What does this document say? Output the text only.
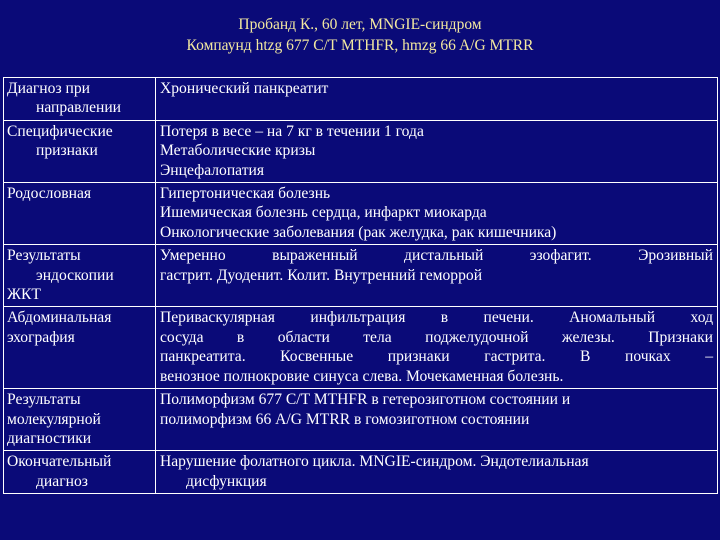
Пробанд К., 60 лет, MNGIE-синдром
Компаунд htzg 677 C/T MTHFR, hmzg 66 A/G MTRR
Диагноз при
направлении	Хронический панкреатит

Специфические
признаки	Потеря в весе – на 7 кг в течении 1 года
Метаболические кризы
Энцефалопатия

Родословная	Гипертоническая болезнь
Ишемическая болезнь сердца, инфаркт миокарда
Онкологические заболевания (рак желудка, рак кишечника)

Результаты
эндоскопии
ЖКТ	Умеренно выраженный дистальный эзофагит. Эрозивный
гастрит. Дуоденит. Колит. Внутренний геморрой

Абдоминальная
эхография	Периваскулярная инфильтрация в печени. Аномальный ход
сосуда в области тела поджелудочной железы. Признаки
панкреатита. Косвенные признаки гастрита. В почках –
венозное полнокровие синуса слева. Мочекаменная болезнь.

Результаты
молекулярной
диагностики	Полиморфизм 677 C/T MTHFR в гетерозиготном состоянии и
полиморфизм 66 A/G MTRR в гомозиготном состоянии

Окончательный
диагноз	Нарушение фолатного цикла. MNGIE-синдром. Эндотелиальная
дисфункция
